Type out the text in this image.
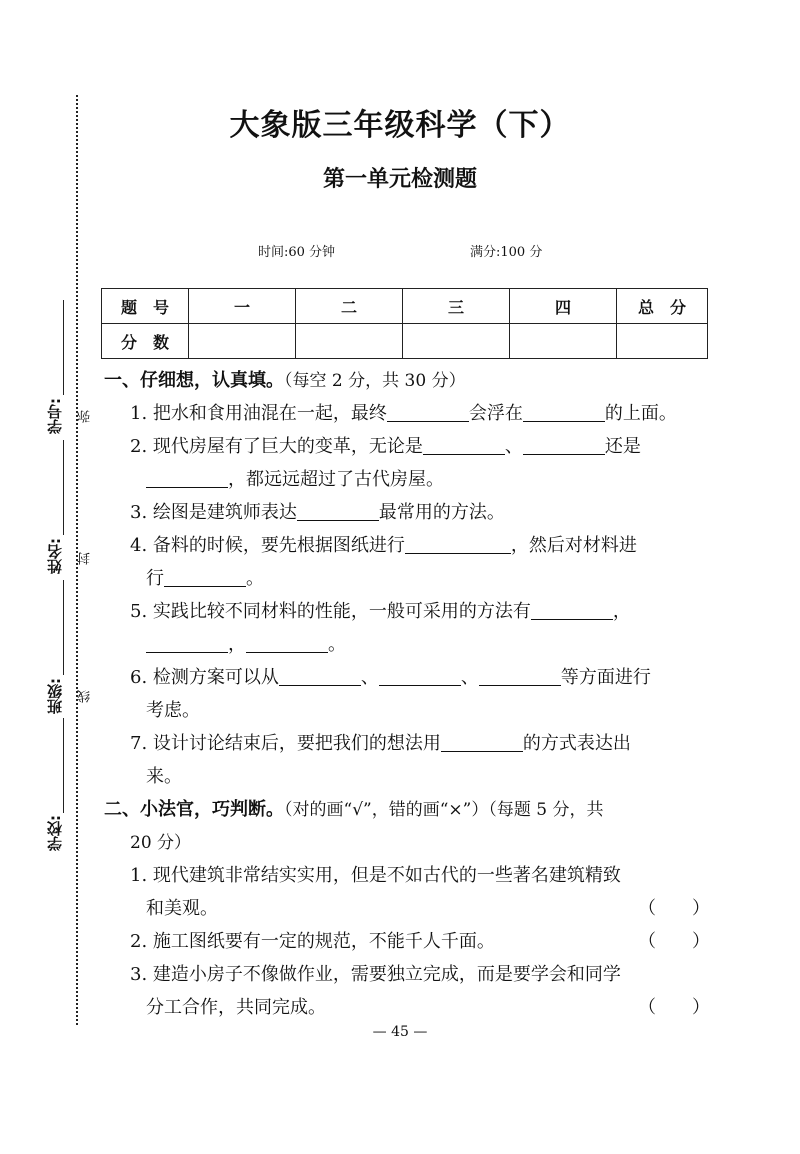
学号:
姓名:
班级:
学校:
弥
封
线
大象版三年级科学（下）
第一单元检测题
时间:60 分钟	满分:100 分
题　号	一	二	三	四	总　分
分　数					
一、仔细想，认真填。（每空 2 分，共 30 分）
1. 把水和食用油混在一起，最终	会浮在	的上面。
2. 现代房屋有了巨大的变革，无论是	、	还是
，都远远超过了古代房屋。
3. 绘图是建筑师表达	最常用的方法。
4. 备料的时候，要先根据图纸进行	，然后对材料进
行	。
5. 实践比较不同材料的性能，一般可采用的方法有	，
，	。
6. 检测方案可以从	、	、	等方面进行
考虑。
7. 设计讨论结束后，要把我们的想法用	的方式表达出
来。
二、小法官，巧判断。（对的画“√”，错的画“×”）（每题 5 分，共
20 分）
1. 现代建筑非常结实实用，但是不如古代的一些著名建筑精致
和美观。	（　　）
2. 施工图纸要有一定的规范，不能千人千面。	（　　）
3. 建造小房子不像做作业，需要独立完成，而是要学会和同学
分工合作，共同完成。	（　　）
— 45 —
